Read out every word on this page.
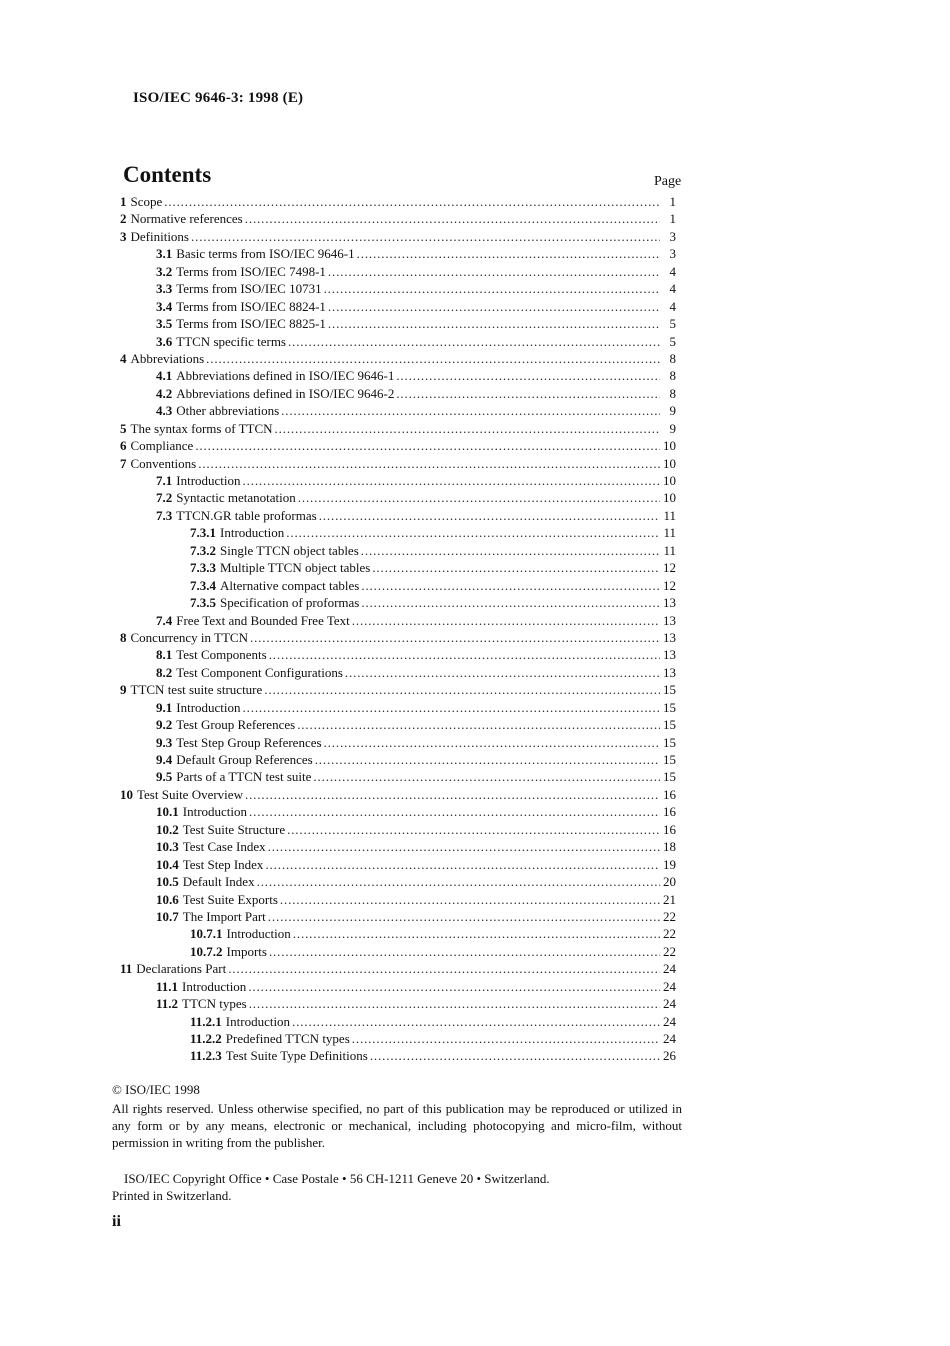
ISO/IEC 9646-3: 1998 (E)
Contents	Page
1 Scope . . .	1
2 Normative references . . .	1
3 Definitions . . .	3
3.1 Basic terms from ISO/IEC 9646-1 . . .	3
3.2 Terms from ISO/IEC 7498-1 . . .	4
3.3 Terms from ISO/IEC 10731 . . .	4
3.4 Terms from ISO/IEC 8824-1 . . .	4
3.5 Terms from ISO/IEC 8825-1 . . .	5
3.6 TTCN specific terms . . .	5
4 Abbreviations . . .	8
4.1 Abbreviations defined in ISO/IEC 9646-1 . . .	8
4.2 Abbreviations defined in ISO/IEC 9646-2 . . .	8
4.3 Other abbreviations . . .	9
5 The syntax forms of TTCN . . .	9
6 Compliance . . .	10
7 Conventions . . .	10
7.1 Introduction . . .	10
7.2 Syntactic metanotation . . .	10
7.3 TTCN.GR table proformas . . .	11
7.3.1 Introduction . . .	11
7.3.2 Single TTCN object tables . . .	11
7.3.3 Multiple TTCN object tables . . .	12
7.3.4 Alternative compact tables . . .	12
7.3.5 Specification of proformas . . .	13
7.4 Free Text and Bounded Free Text . . .	13
8 Concurrency in TTCN . . .	13
8.1 Test Components . . .	13
8.2 Test Component Configurations . . .	13
9 TTCN test suite structure . . .	15
9.1 Introduction . . .	15
9.2 Test Group References . . .	15
9.3 Test Step Group References . . .	15
9.4 Default Group References . . .	15
9.5 Parts of a TTCN test suite . . .	15
10 Test Suite Overview . . .	16
10.1 Introduction . . .	16
10.2 Test Suite Structure . . .	16
10.3 Test Case Index . . .	18
10.4 Test Step Index . . .	19
10.5 Default Index . . .	20
10.6 Test Suite Exports . . .	21
10.7 The Import Part . . .	22
10.7.1 Introduction . . .	22
10.7.2 Imports . . .	22
11 Declarations Part . . .	24
11.1 Introduction . . .	24
11.2 TTCN types . . .	24
11.2.1 Introduction . . .	24
11.2.2 Predefined TTCN types . . .	24
11.2.3 Test Suite Type Definitions . . .	26

© ISO/IEC 1998

All rights reserved. Unless otherwise specified, no part of this publication may be reproduced or utilized in any form or by any means, electronic or mechanical, including photocopying and micro-film, without permission in writing from the publisher.

ISO/IEC Copyright Office • Case Postale • 56 CH-1211 Geneve 20 • Switzerland.
Printed in Switzerland.
ii
